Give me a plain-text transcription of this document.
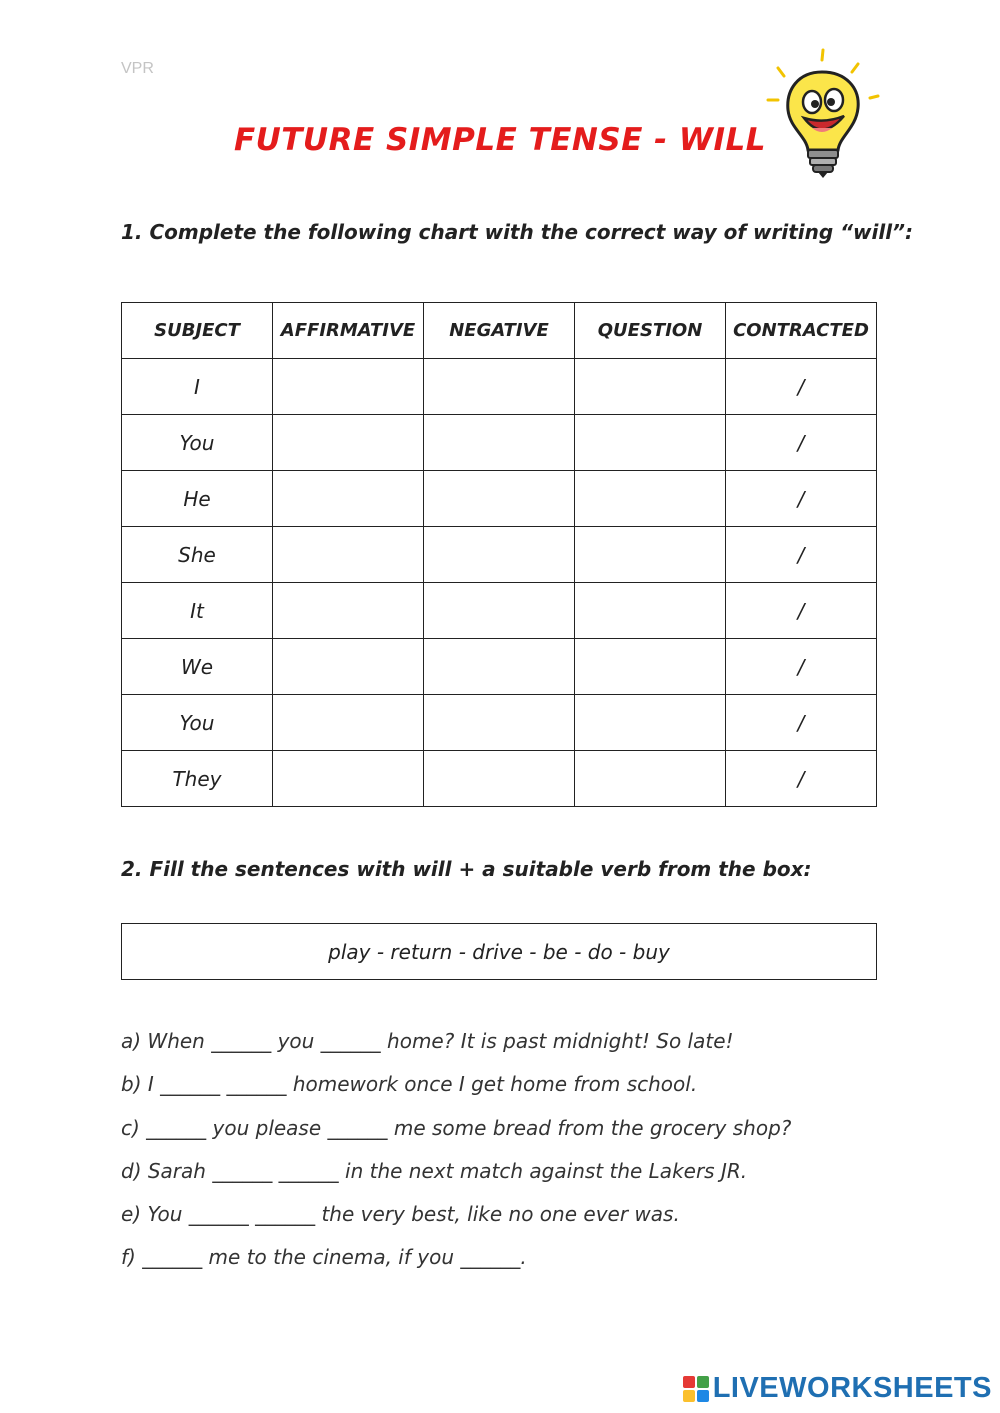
VPR
FUTURE SIMPLE TENSE - WILL
1. Complete the following chart with the correct way of writing “will”:
SUBJECT	AFFIRMATIVE	NEGATIVE	QUESTION	CONTRACTED
I				/
You				/
He				/
She				/
It				/
We				/
You				/
They				/
2. Fill the sentences with will + a suitable verb from the box:
play - return - drive - be - do - buy
a) When ______ you ______ home? It is past midnight! So late!
b) I ______ ______ homework once I get home from school.
c) ______ you please ______ me some bread from the grocery shop?
d) Sarah ______ ______ in the next match against the Lakers JR.
e) You ______ ______ the very best, like no one ever was.
f) ______ me to the cinema, if you ______.
LIVEWORKSHEETS
